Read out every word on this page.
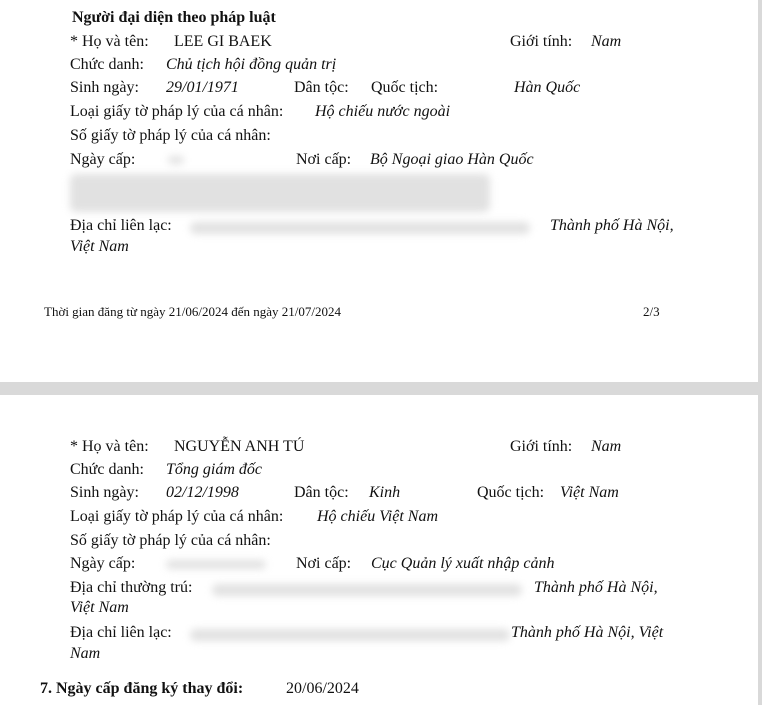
Người đại diện theo pháp luật
* Họ và tên: LEE GI BAEK	Giới tính: Nam
Chức danh: Chủ tịch hội đồng quản trị
Sinh ngày: 29/01/1971	Dân tộc: Quốc tịch:	Hàn Quốc
Loại giấy tờ pháp lý của cá nhân: Hộ chiếu nước ngoài
Số giấy tờ pháp lý của cá nhân:
Ngày cấp:	Nơi cấp: Bộ Ngoại giao Hàn Quốc
Địa chỉ liên lạc:	Thành phố Hà Nội,
Việt Nam
Thời gian đăng từ ngày 21/06/2024 đến ngày 21/07/2024	2/3
* Họ và tên: NGUYỄN ANH TÚ	Giới tính: Nam
Chức danh: Tổng giám đốc
Sinh ngày: 02/12/1998	Dân tộc: Kinh	Quốc tịch: Việt Nam
Loại giấy tờ pháp lý của cá nhân: Hộ chiếu Việt Nam
Số giấy tờ pháp lý của cá nhân:
Ngày cấp:	Nơi cấp: Cục Quản lý xuất nhập cảnh
Địa chỉ thường trú:	Thành phố Hà Nội,
Việt Nam
Địa chỉ liên lạc:	Thành phố Hà Nội, Việt
Nam
7. Ngày cấp đăng ký thay đổi:	20/06/2024
